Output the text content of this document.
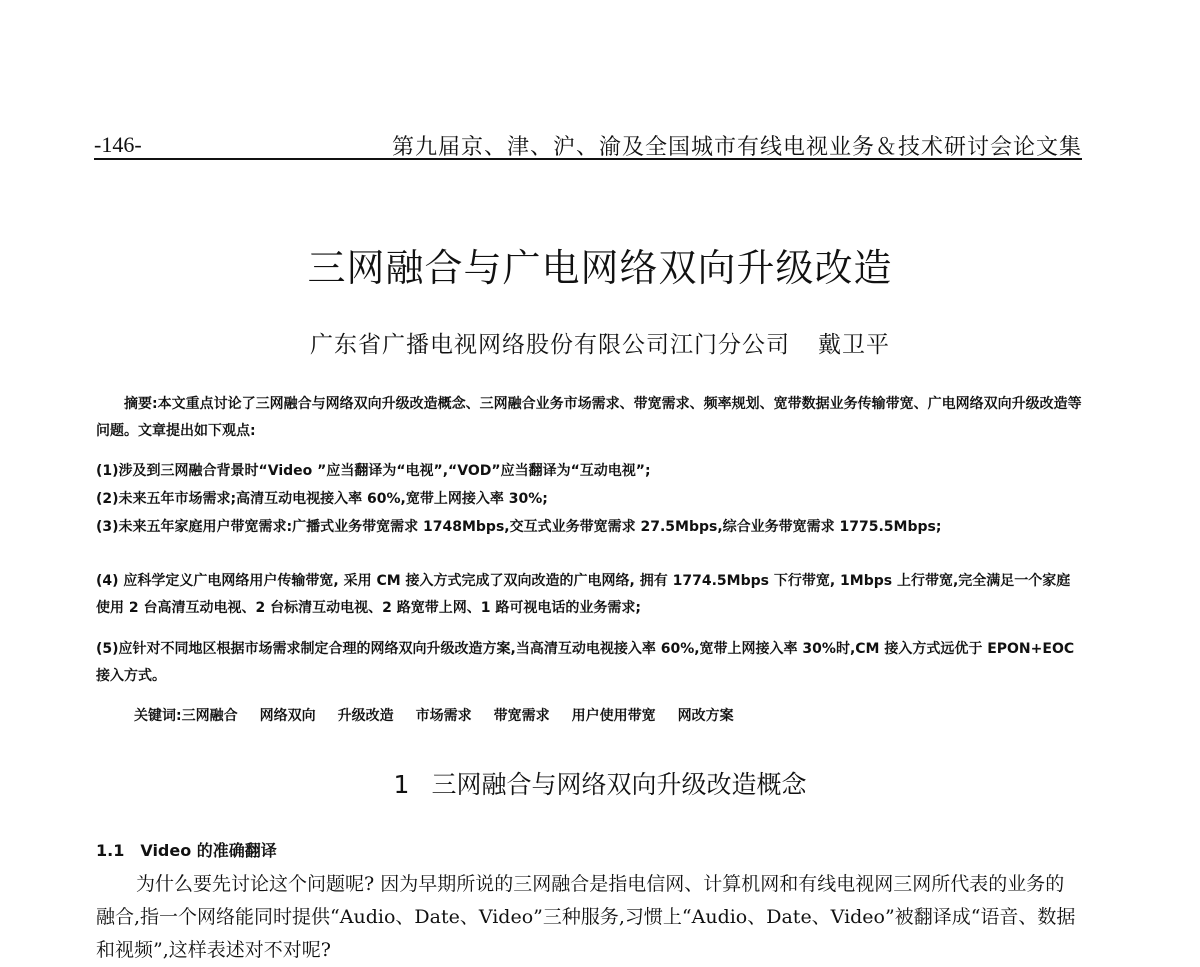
-146-	第九届京、津、沪、渝及全国城市有线电视业务＆技术研讨会论文集
三网融合与广电网络双向升级改造
广东省广播电视网络股份有限公司江门分公司 戴卫平
摘要:本文重点讨论了三网融合与网络双向升级改造概念、三网融合业务市场需求、带宽需求、频率规划、宽带数据业务传输带宽、广电网络双向升级改造等问题。文章提出如下观点:
(1)涉及到三网融合背景时“Video ”应当翻译为“电视”,“VOD”应当翻译为“互动电视”;
(2)未来五年市场需求;高清互动电视接入率 60%,宽带上网接入率 30%;
(3)未来五年家庭用户带宽需求:广播式业务带宽需求 1748Mbps,交互式业务带宽需求 27.5Mbps,综合业务带宽需求 1775.5Mbps;
(4) 应科学定义广电网络用户传输带宽, 采用 CM 接入方式完成了双向改造的广电网络, 拥有 1774.5Mbps 下行带宽, 1Mbps 上行带宽,完全满足一个家庭使用 2 台高清互动电视、2 台标清互动电视、2 路宽带上网、1 路可视电话的业务需求;
(5)应针对不同地区根据市场需求制定合理的网络双向升级改造方案,当高清互动电视接入率 60%,宽带上网接入率 30%时,CM 接入方式远优于 EPON+EOC 接入方式。
关键词:三网融合 网络双向 升级改造 市场需求 带宽需求 用户使用带宽 网改方案
1 三网融合与网络双向升级改造概念
1.1 Video 的准确翻译

为什么要先讨论这个问题呢? 因为早期所说的三网融合是指电信网、计算机网和有线电视网三网所代表的业务的融合,指一个网络能同时提供“Audio、Date、Video”三种服务,习惯上“Audio、Date、Video”被翻译成“语音、数据和视频”,这样表述对不对呢?
